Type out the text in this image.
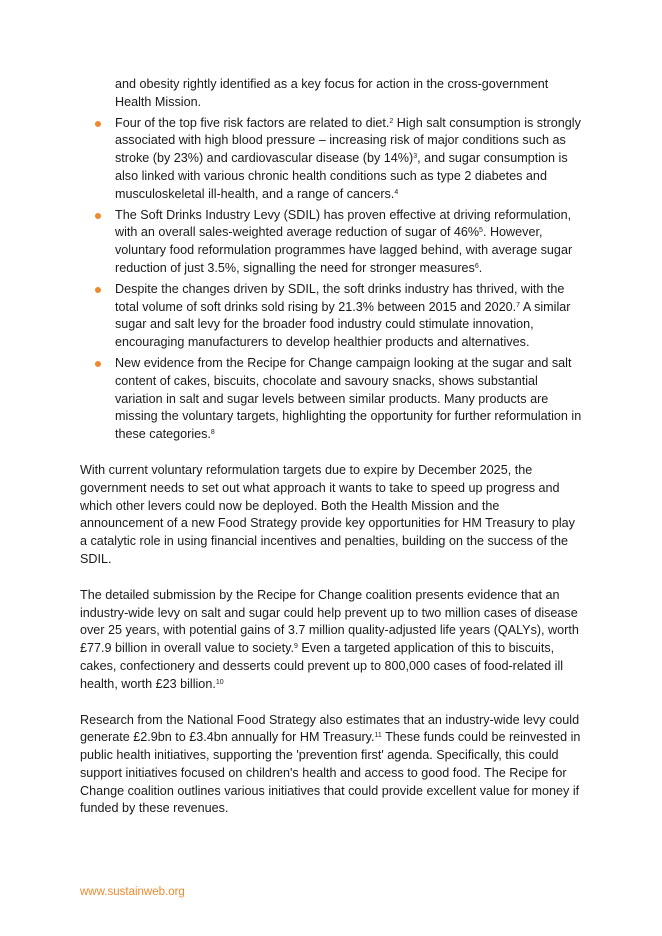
and obesity rightly identified as a key focus for action in the cross-government Health Mission.
Four of the top five risk factors are related to diet.$^2$ High salt consumption is strongly associated with high blood pressure – increasing risk of major conditions such as stroke (by 23%) and cardiovascular disease (by 14%)$^3$, and sugar consumption is also linked with various chronic health conditions such as type 2 diabetes and musculoskeletal ill-health, and a range of cancers.$^4$
The Soft Drinks Industry Levy (SDIL) has proven effective at driving reformulation, with an overall sales-weighted average reduction of sugar of 46%$^5$. However, voluntary food reformulation programmes have lagged behind, with average sugar reduction of just 3.5%, signalling the need for stronger measures$^6$.
Despite the changes driven by SDIL, the soft drinks industry has thrived, with the total volume of soft drinks sold rising by 21.3% between 2015 and 2020.$^7$ A similar sugar and salt levy for the broader food industry could stimulate innovation, encouraging manufacturers to develop healthier products and alternatives.
New evidence from the Recipe for Change campaign looking at the sugar and salt content of cakes, biscuits, chocolate and savoury snacks, shows substantial variation in salt and sugar levels between similar products. Many products are missing the voluntary targets, highlighting the opportunity for further reformulation in these categories.$^8$

With current voluntary reformulation targets due to expire by December 2025, the government needs to set out what approach it wants to take to speed up progress and which other levers could now be deployed. Both the Health Mission and the announcement of a new Food Strategy provide key opportunities for HM Treasury to play a catalytic role in using financial incentives and penalties, building on the success of the SDIL.

The detailed submission by the Recipe for Change coalition presents evidence that an industry-wide levy on salt and sugar could help prevent up to two million cases of disease over 25 years, with potential gains of 3.7 million quality-adjusted life years (QALYs), worth £77.9 billion in overall value to society.$^9$ Even a targeted application of this to biscuits, cakes, confectionery and desserts could prevent up to 800,000 cases of food-related ill health, worth £23 billion.$^{10}$

Research from the National Food Strategy also estimates that an industry-wide levy could generate £2.9bn to £3.4bn annually for HM Treasury.$^{11}$ These funds could be reinvested in public health initiatives, supporting the 'prevention first' agenda. Specifically, this could support initiatives focused on children's health and access to good food. The Recipe for Change coalition outlines various initiatives that could provide excellent value for money if funded by these revenues.

www.sustainweb.org
